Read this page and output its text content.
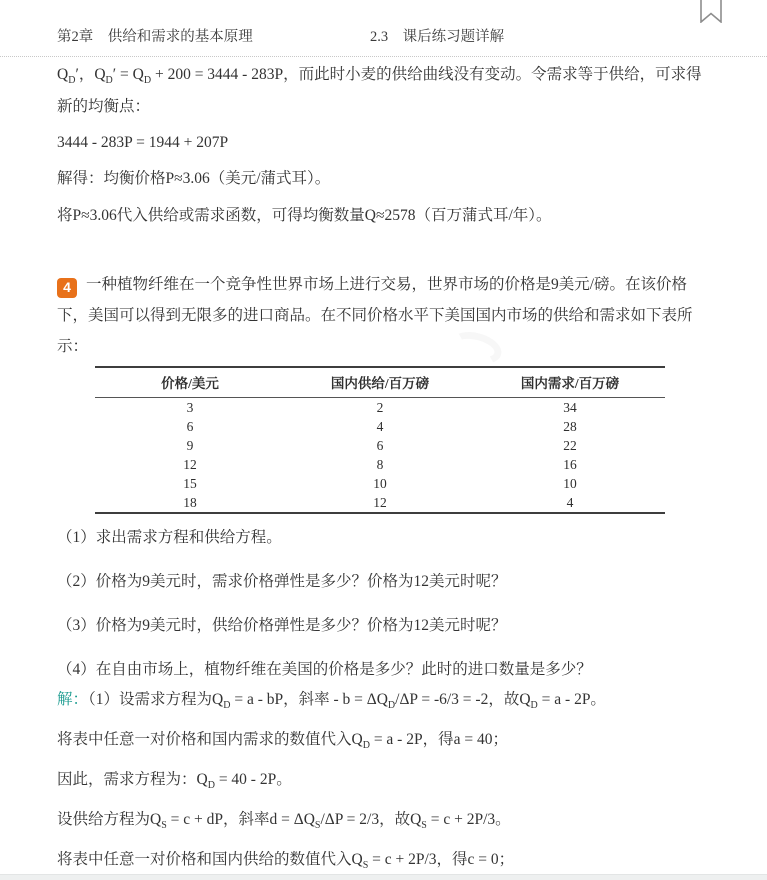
第2章　供给和需求的基本原理	2.3　课后练习题详解

$Q_D'$，$Q_D' = Q_D + 200 = 3444 - 283P$，而此时小麦的供给曲线没有变动。令需求等于供给，可求得新的均衡点：

3444 - 283P = 1944 + 207P

解得：均衡价格P≈3.06（美元/蒲式耳）。

将P≈3.06代入供给或需求函数，可得均衡数量Q≈2578（百万蒲式耳/年）。

4 一种植物纤维在一个竞争性世界市场上进行交易，世界市场的价格是9美元/磅。在该价格下，美国可以得到无限多的进口商品。在不同价格水平下美国国内市场的供给和需求如下表所示：

价格/美元	国内供给/百万磅	国内需求/百万磅
3	2	34
6	4	28
9	6	22
12	8	16
15	10	10
18	12	4

（1）求出需求方程和供给方程。

（2）价格为9美元时，需求价格弹性是多少？价格为12美元时呢？

（3）价格为9美元时，供给价格弹性是多少？价格为12美元时呢？

（4）在自由市场上，植物纤维在美国的价格是多少？此时的进口数量是多少？

解：（1）设需求方程为$Q_D = a$ - bP，斜率 - $b = \Delta Q_D/\Delta P = -6/3 = -2$，故$Q_D = a - 2P$。

将表中任意一对价格和国内需求的数值代入$Q_D = a - 2P$，得a = 40；

因此，需求方程为：$Q_D = 40 - 2P$。

设供给方程为$Q_S = c$ + dP，斜率$d = \Delta Q_S/\Delta P = 2/3$，故$Q_S = c + 2P/3$。

将表中任意一对价格和国内供给的数值代入$Q_S = c + 2P/3$，得c = 0；
